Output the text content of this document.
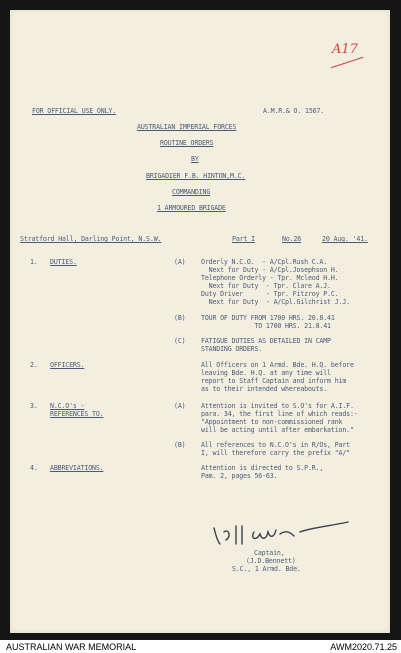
A17
FOR OFFICIAL USE ONLY.	A.M.R.& O. 1567.
AUSTRALIAN IMPERIAL FORCES
ROUTINE ORDERS
BY
BRIGADIER F.B. HINTON,M.C.
COMMANDING
1 ARMOURED BRIGADE
Stratford Hall, Darling Point, N.S.W.	Part I	No.26	20 Aug. '41.
1. DUTIES.	(A) Orderly N.C.O.  - A/Cpl.Rush C.A.
Next for Duty - A/Cpl.Josephson H.
Telephone Orderly - Tpr. Mcleod H.H.
Next for Duty  - Tpr. Clare A.J.
Duty Driver      - Tpr. Fitzroy P.C.
Next for Duty  - A/Cpl.Gilchrist J.J.
(B) TOUR OF DUTY FROM 1700 HRS. 20.8.41
TO 1700 HRS. 21.8.41
(C) FATIGUE DUTIES AS DETAILED IN CAMP
STANDING ORDERS.
2. OFFICERS.	All Officers on 1 Armd. Bde. H.Q. before
leaving Bde. H.Q. at any time will
report to Staff Captain and inform him
as to their intended whereabouts.
3. N.C.O's -
REFERENCES TO.
(A) Attention is invited to S.O's for A.I.F.
para. 34, the first line of which reads:-
"Appointment to non-commissioned rank
will be acting until after embarkation."
(B) All references to N.C.O's in R/Os, Part
I, will therefore carry the prefix "A/"
4. ABBREVIATIONS.	Attention is directed to S.P.R.,
Pam. 2, pages 56-63.
Captain,
(J.D.Bennett)
S.C., 1 Armd. Bde.
AUSTRALIAN WAR MEMORIAL	AWM2020.71.25
